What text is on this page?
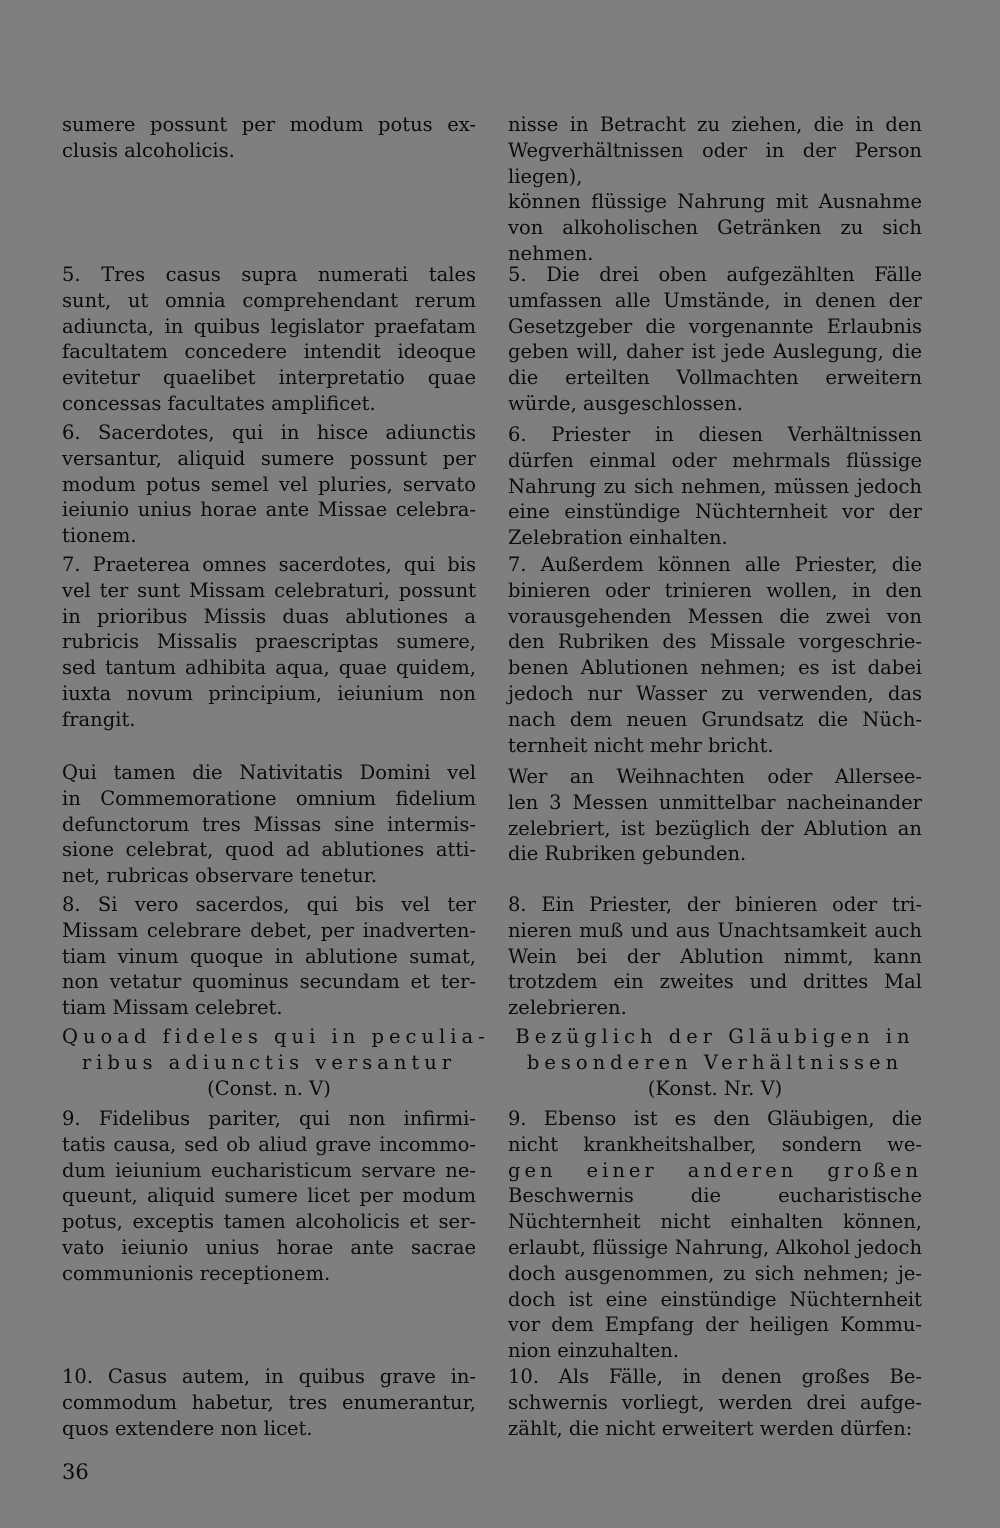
sumere possunt per modum potus ex-
clusis alcoholicis.

5. Tres casus supra numerati tales
sunt, ut omnia comprehendant rerum
adiuncta, in quibus legislator praefatam
facultatem concedere intendit ideoque
evitetur quaelibet interpretatio quae
concessas facultates amplificet.

6. Sacerdotes, qui in hisce adiunctis
versantur, aliquid sumere possunt per
modum potus semel vel pluries, servato
ieiunio unius horae ante Missae celebra-
tionem.

7. Praeterea omnes sacerdotes, qui bis
vel ter sunt Missam celebraturi, possunt
in prioribus Missis duas ablutiones a
rubricis Missalis praescriptas sumere,
sed tantum adhibita aqua, quae quidem,
iuxta novum principium, ieiunium non
frangit.

Qui tamen die Nativitatis Domini vel
in Commemoratione omnium fidelium
defunctorum tres Missas sine intermis-
sione celebrat, quod ad ablutiones atti-
net, rubricas observare tenetur.

8. Si vero sacerdos, qui bis vel ter
Missam celebrare debet, per inadverten-
tiam vinum quoque in ablutione sumat,
non vetatur quominus secundam et ter-
tiam Missam celebret.

Quoad fideles qui in peculia-
ribus adiunctis versantur
(Const. n. V)

9. Fidelibus pariter, qui non infirmi-
tatis causa, sed ob aliud grave incommo-
dum ieiunium eucharisticum servare ne-
queunt, aliquid sumere licet per modum
potus, exceptis tamen alcoholicis et ser-
vato ieiunio unius horae ante sacrae
communionis receptionem.

10. Casus autem, in quibus grave in-
commodum habetur, tres enumerantur,
quos extendere non licet.

nisse in Betracht zu ziehen, die in den
Wegverhältnissen oder in der Person
liegen),
können flüssige Nahrung mit Ausnahme
von alkoholischen Getränken zu sich
nehmen.

5. Die drei oben aufgezählten Fälle
umfassen alle Umstände, in denen der
Gesetzgeber die vorgenannte Erlaubnis
geben will, daher ist jede Auslegung, die
die erteilten Vollmachten erweitern
würde, ausgeschlossen.

6. Priester in diesen Verhältnissen
dürfen einmal oder mehrmals flüssige
Nahrung zu sich nehmen, müssen jedoch
eine einstündige Nüchternheit vor der
Zelebration einhalten.

7. Außerdem können alle Priester, die
binieren oder trinieren wollen, in den
vorausgehenden Messen die zwei von
den Rubriken des Missale vorgeschrie-
benen Ablutionen nehmen; es ist dabei
jedoch nur Wasser zu verwenden, das
nach dem neuen Grundsatz die Nüch-
ternheit nicht mehr bricht.

Wer an Weihnachten oder Allersee-
len 3 Messen unmittelbar nacheinander
zelebriert, ist bezüglich der Ablution an
die Rubriken gebunden.

8. Ein Priester, der binieren oder tri-
nieren muß und aus Unachtsamkeit auch
Wein bei der Ablution nimmt, kann
trotzdem ein zweites und drittes Mal
zelebrieren.

Bezüglich der Gläubigen in
besonderen Verhältnissen
(Konst. Nr. V)

9. Ebenso ist es den Gläubigen, die
nicht krankheitshalber, sondern we-
gen einer anderen großen
Beschwernis die eucharistische
Nüchternheit nicht einhalten können,
erlaubt, flüssige Nahrung, Alkohol jedoch
doch ausgenommen, zu sich nehmen; je-
doch ist eine einstündige Nüchternheit
vor dem Empfang der heiligen Kommu-
nion einzuhalten.

10. Als Fälle, in denen großes Be-
schwernis vorliegt, werden drei aufge-
zählt, die nicht erweitert werden dürfen:

36
